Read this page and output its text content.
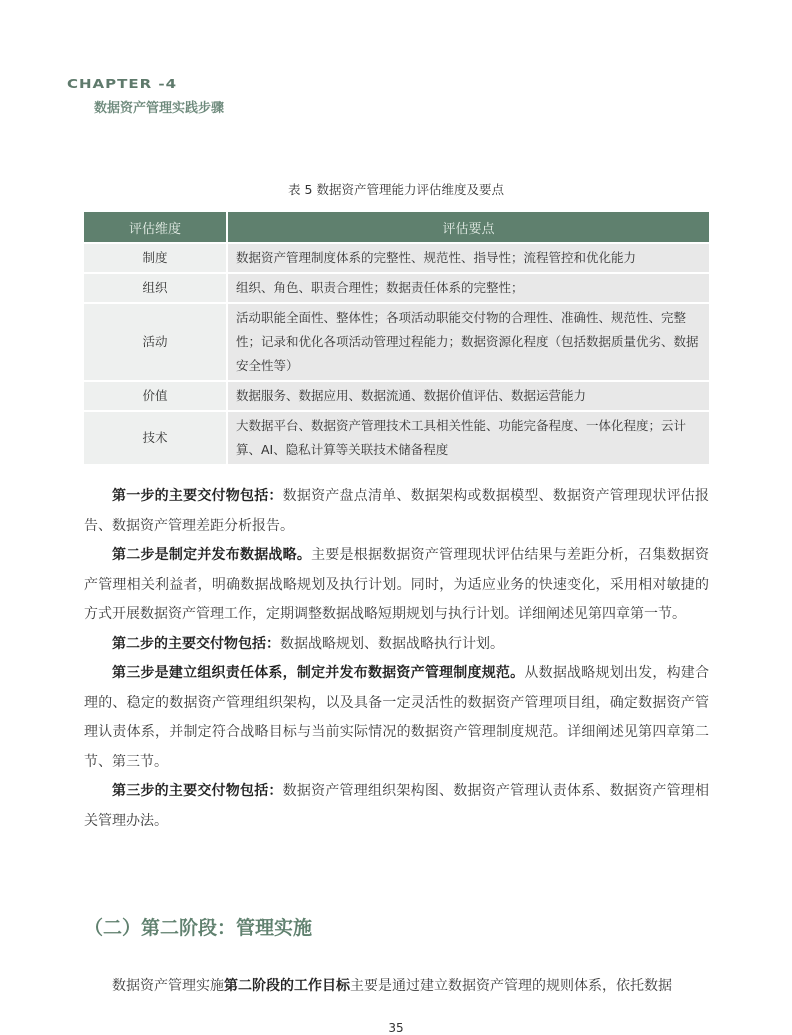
CHAPTER -4
数据资产管理实践步骤
表 5 数据资产管理能力评估维度及要点
评估维度	评估要点
制度	数据资产管理制度体系的完整性、规范性、指导性；流程管控和优化能力
组织	组织、角色、职责合理性；数据责任体系的完整性；
活动	活动职能全面性、整体性；各项活动职能交付物的合理性、准确性、规范性、完整性；记录和优化各项活动管理过程能力；数据资源化程度（包括数据质量优劣、数据安全性等）
价值	数据服务、数据应用、数据流通、数据价值评估、数据运营能力
技术	大数据平台、数据资产管理技术工具相关性能、功能完备程度、一体化程度；云计算、AI、隐私计算等关联技术储备程度

第一步的主要交付物包括：数据资产盘点清单、数据架构或数据模型、数据资产管理现状评估报告、数据资产管理差距分析报告。

第二步是制定并发布数据战略。主要是根据数据资产管理现状评估结果与差距分析，召集数据资产管理相关利益者，明确数据战略规划及执行计划。同时，为适应业务的快速变化，采用相对敏捷的方式开展数据资产管理工作，定期调整数据战略短期规划与执行计划。详细阐述见第四章第一节。

第二步的主要交付物包括：数据战略规划、数据战略执行计划。

第三步是建立组织责任体系，制定并发布数据资产管理制度规范。从数据战略规划出发，构建合理的、稳定的数据资产管理组织架构，以及具备一定灵活性的数据资产管理项目组，确定数据资产管理认责体系，并制定符合战略目标与当前实际情况的数据资产管理制度规范。详细阐述见第四章第二节、第三节。

第三步的主要交付物包括：数据资产管理组织架构图、数据资产管理认责体系、数据资产管理相关管理办法。

（二）第二阶段：管理实施

数据资产管理实施第二阶段的工作目标主要是通过建立数据资产管理的规则体系，依托数据

35
